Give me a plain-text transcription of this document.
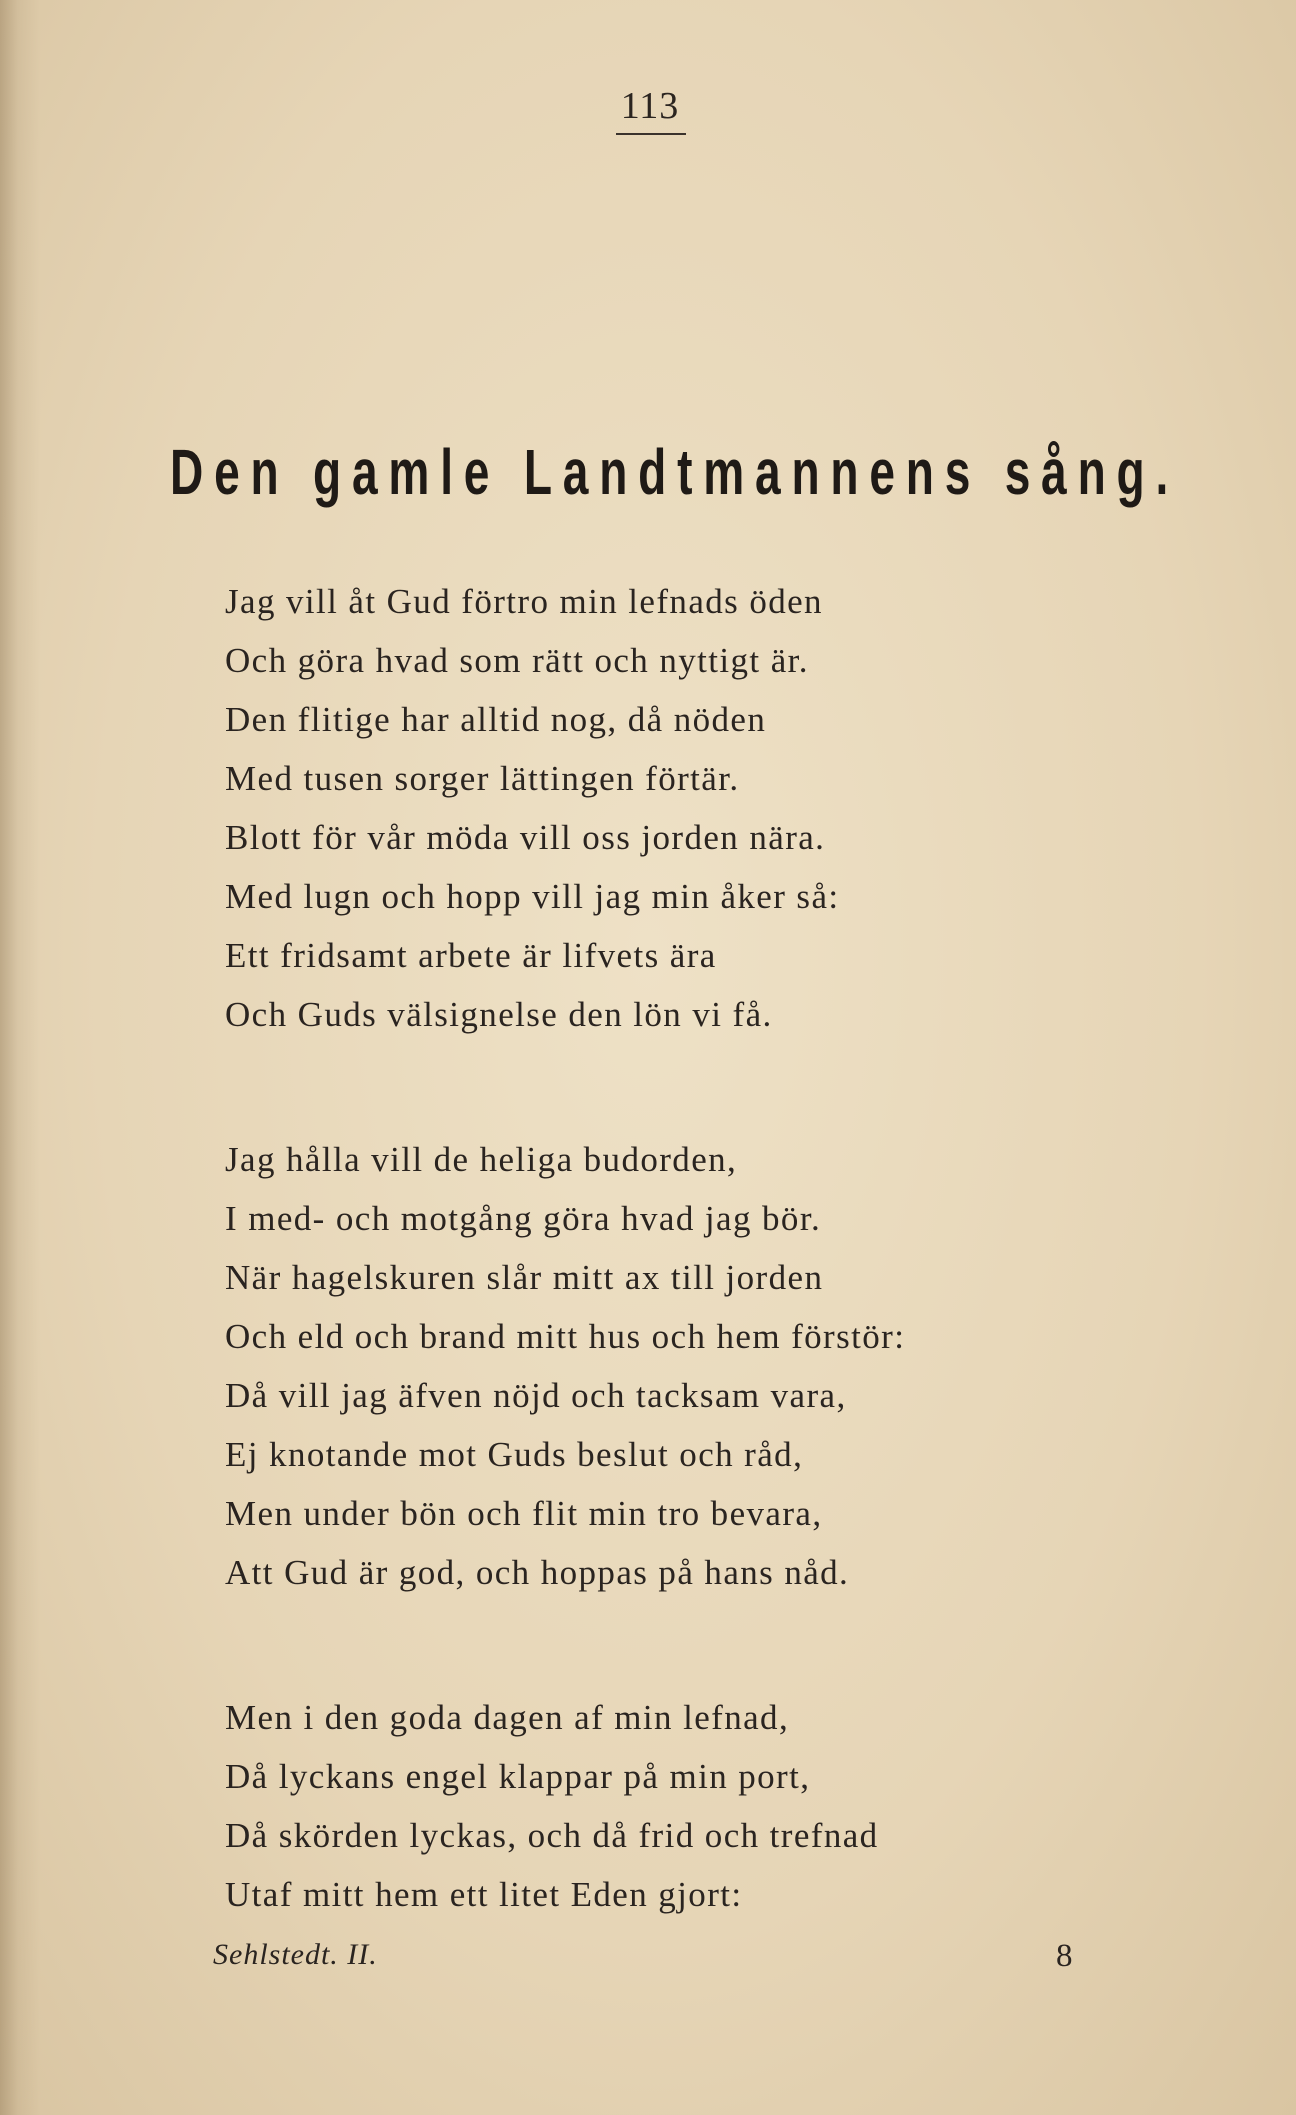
113
Den gamle Landtmannens sång.
Jag vill åt Gud förtro min lefnads öden
Och göra hvad som rätt och nyttigt är.
Den flitige har alltid nog, då nöden
Med tusen sorger lättingen förtär.
Blott för vår möda vill oss jorden nära.
Med lugn och hopp vill jag min åker så:
Ett fridsamt arbete är lifvets ära
Och Guds välsignelse den lön vi få.
Jag hålla vill de heliga budorden,
I med- och motgång göra hvad jag bör.
När hagelskuren slår mitt ax till jorden
Och eld och brand mitt hus och hem förstör:
Då vill jag äfven nöjd och tacksam vara,
Ej knotande mot Guds beslut och råd,
Men under bön och flit min tro bevara,
Att Gud är god, och hoppas på hans nåd.
Men i den goda dagen af min lefnad,
Då lyckans engel klappar på min port,
Då skörden lyckas, och då frid och trefnad
Utaf mitt hem ett litet Eden gjort:
Sehlstedt. II.	8
